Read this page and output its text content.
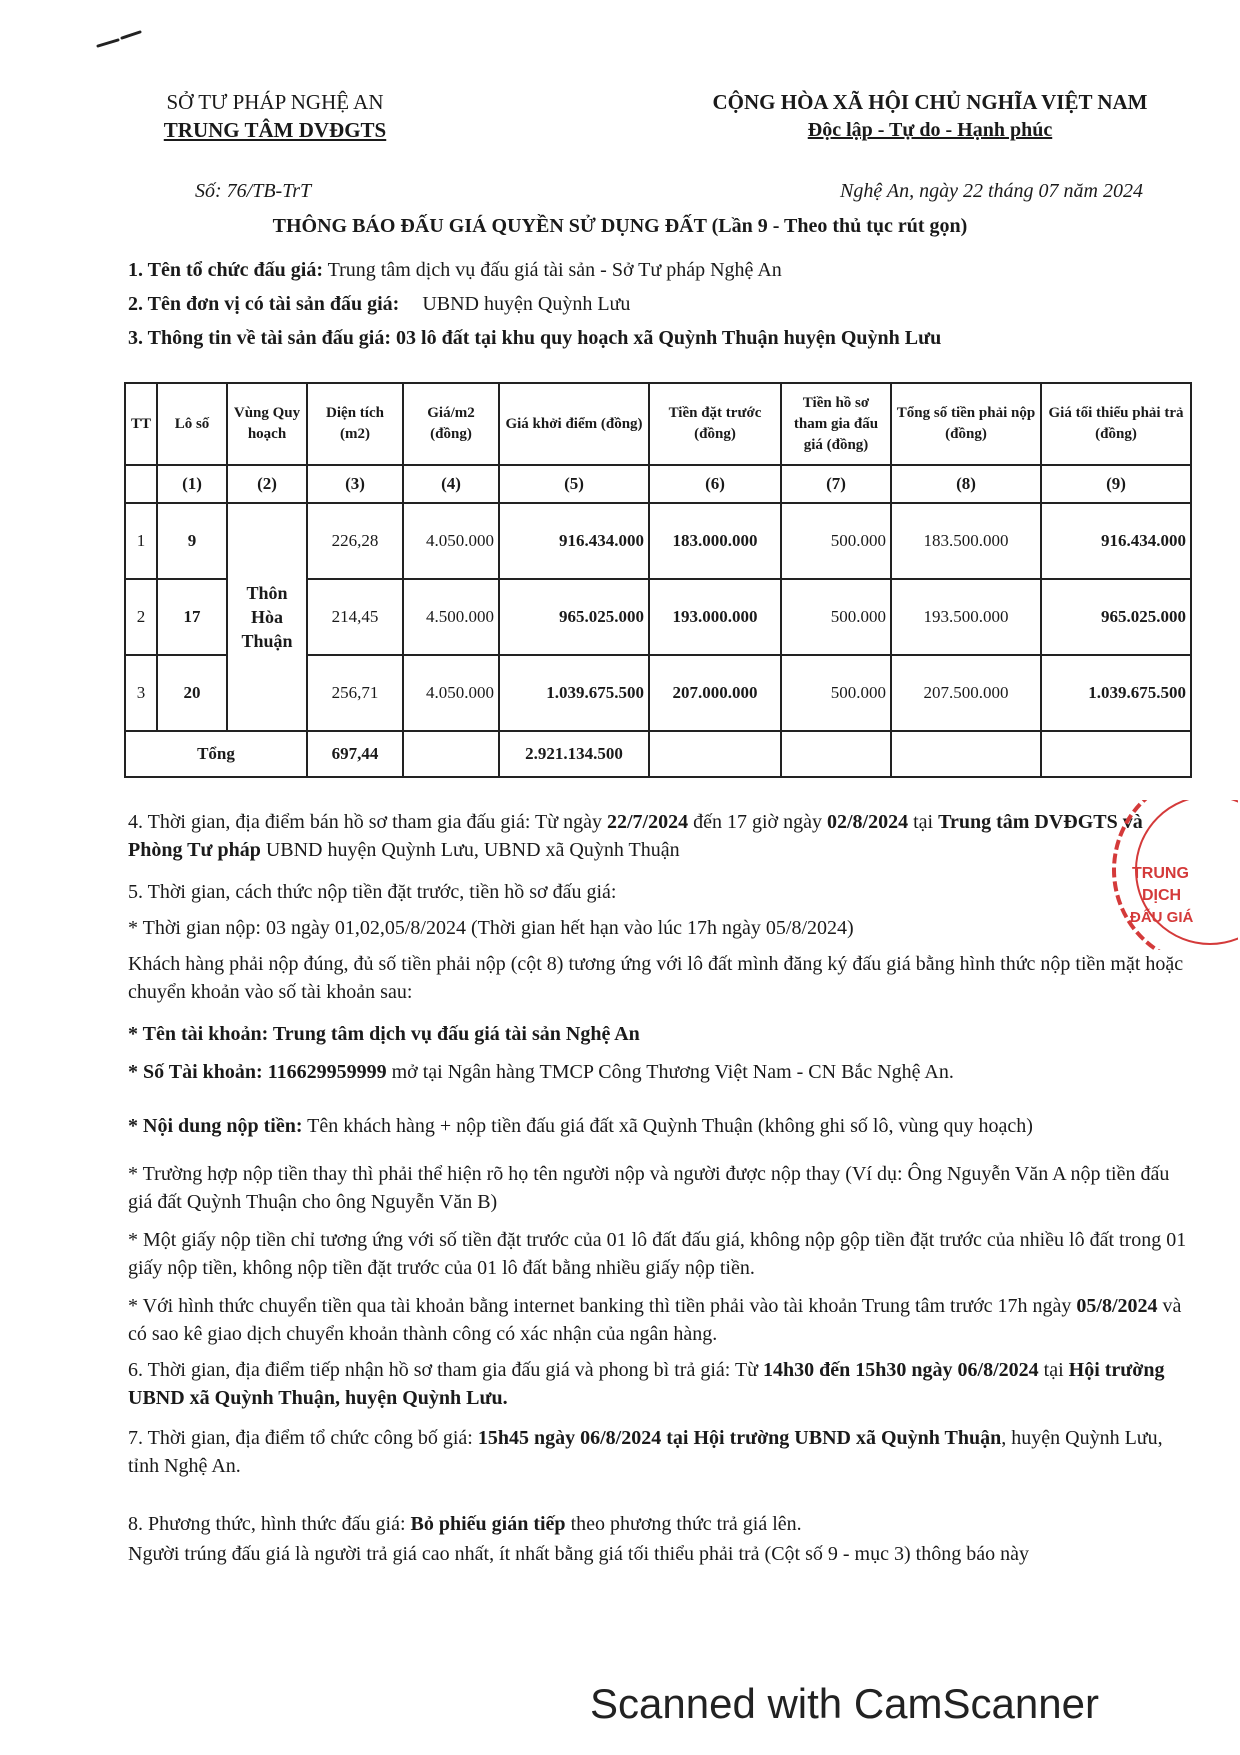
SỞ TƯ PHÁP NGHỆ AN
TRUNG TÂM DVĐGTS
CỘNG HÒA XÃ HỘI CHỦ NGHĨA VIỆT NAM
Độc lập - Tự do - Hạnh phúc
Số: 76/TB-TrT	Nghệ An, ngày 22 tháng 07 năm 2024
THÔNG BÁO ĐẤU GIÁ QUYỀN SỬ DỤNG ĐẤT (Lần 9 - Theo thủ tục rút gọn)
1. Tên tổ chức đấu giá: Trung tâm dịch vụ đấu giá tài sản - Sở Tư pháp Nghệ An
2. Tên đơn vị có tài sản đấu giá: UBND huyện Quỳnh Lưu
3. Thông tin về tài sản đấu giá: 03 lô đất tại khu quy hoạch xã Quỳnh Thuận huyện Quỳnh Lưu
TT	Lô số	Vùng Quy hoạch	Diện tích (m2)	Giá/m2 (đồng)	Giá khởi điểm (đồng)	Tiền đặt trước (đồng)	Tiền hồ sơ tham gia đấu giá (đồng)	Tổng số tiền phải nộp (đồng)	Giá tối thiểu phải trả (đồng)
	(1)	(2)	(3)	(4)	(5)	(6)	(7)	(8)	(9)
1	9	Thôn Hòa Thuận	226,28	4.050.000	916.434.000	183.000.000	500.000	183.500.000	916.434.000
2	17		214,45	4.500.000	965.025.000	193.000.000	500.000	193.500.000	965.025.000
3	20		256,71	4.050.000	1.039.675.500	207.000.000	500.000	207.500.000	1.039.675.500
Tổng			697,44		2.921.134.500				
4. Thời gian, địa điểm bán hồ sơ tham gia đấu giá: Từ ngày 22/7/2024 đến 17 giờ ngày 02/8/2024 tại Trung tâm DVĐGTS và Phòng Tư pháp UBND huyện Quỳnh Lưu, UBND xã Quỳnh Thuận
5. Thời gian, cách thức nộp tiền đặt trước, tiền hồ sơ đấu giá:
* Thời gian nộp: 03 ngày 01,02,05/8/2024 (Thời gian hết hạn vào lúc 17h ngày 05/8/2024)
Khách hàng phải nộp đúng, đủ số tiền phải nộp (cột 8) tương ứng với lô đất mình đăng ký đấu giá bằng hình thức nộp tiền mặt hoặc chuyển khoản vào số tài khoản sau:
* Tên tài khoản: Trung tâm dịch vụ đấu giá tài sản Nghệ An
* Số Tài khoản: 116629959999 mở tại Ngân hàng TMCP Công Thương Việt Nam - CN Bắc Nghệ An.
* Nội dung nộp tiền: Tên khách hàng + nộp tiền đấu giá đất xã Quỳnh Thuận (không ghi số lô, vùng quy hoạch)
* Trường hợp nộp tiền thay thì phải thể hiện rõ họ tên người nộp và người được nộp thay (Ví dụ: Ông Nguyễn Văn A nộp tiền đấu giá đất Quỳnh Thuận cho ông Nguyễn Văn B)
* Một giấy nộp tiền chỉ tương ứng với số tiền đặt trước của 01 lô đất đấu giá, không nộp gộp tiền đặt trước của nhiều lô đất trong 01 giấy nộp tiền, không nộp tiền đặt trước của 01 lô đất bằng nhiều giấy nộp tiền.
* Với hình thức chuyển tiền qua tài khoản bằng internet banking thì tiền phải vào tài khoản Trung tâm trước 17h ngày 05/8/2024 và có sao kê giao dịch chuyển khoản thành công có xác nhận của ngân hàng.
6. Thời gian, địa điểm tiếp nhận hồ sơ tham gia đấu giá và phong bì trả giá: Từ 14h30 đến 15h30 ngày 06/8/2024 tại Hội trường UBND xã Quỳnh Thuận, huyện Quỳnh Lưu.
7. Thời gian, địa điểm tổ chức công bố giá: 15h45 ngày 06/8/2024 tại Hội trường UBND xã Quỳnh Thuận, huyện Quỳnh Lưu, tỉnh Nghệ An.
8. Phương thức, hình thức đấu giá: Bỏ phiếu gián tiếp theo phương thức trả giá lên.
Người trúng đấu giá là người trả giá cao nhất, ít nhất bằng giá tối thiểu phải trả (Cột số 9 - mục 3) thông báo này
TRUNG
DỊCH
ĐẤU GIÁ
Scanned with CamScanner
